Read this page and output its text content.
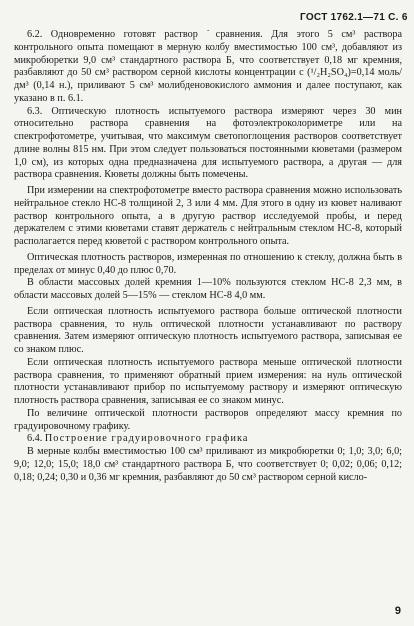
ГОСТ 1762.1—71 С. 6

6.2. Одновременно готовят раствор ˙сравнения. Для этого 5 см³ раствора контрольного опыта помещают в мерную колбу вместимостью 100 см³, добавляют из микробюретки 9,0 см³ стандартного раствора Б, что соответствует 0,18 мг кремния, разбавляют до 50 см³ раствором серной кислоты концентрации c (¹/₂H₂SO₄)=0,14 моль/дм³ (0,14 н.), приливают 5 см³ молибденовокислого аммония и далее поступают, как указано в п. 6.1.

6.3. Оптическую плотность испытуемого раствора измеряют через 30 мин относительно раствора сравнения на фотоэлектроколориметре или на спектрофотометре, учитывая, что максимум светопоглощения растворов соответствует длине волны 815 нм. При этом следует пользоваться постоянными кюветами (размером 1,0 см), из которых одна предназначена для испытуемого раствора, а другая — для раствора сравнения. Кюветы должны быть помечены.

При измерении на спектрофотометре вместо раствора сравнения можно использовать нейтральное стекло НС-8 толщиной 2, 3 или 4 мм. Для этого в одну из кювет наливают раствор контрольного опыта, а в другую раствор исследуемой пробы, и перед держателем с этими кюветами ставят держатель с нейтральным стеклом НС-8, который располагается перед кюветой с раствором контрольного опыта.

Оптическая плотность растворов, измеренная по отношению к стеклу, должна быть в пределах от минус 0,40 до плюс 0,70.

В области массовых долей кремния 1—10% пользуются стеклом НС-8 2,3 мм, в области массовых долей 5—15% — стеклом НС-8 4,0 мм.

Если оптическая плотность испытуемого раствора больше оптической плотности раствора сравнения, то нуль оптической плотности устанавливают по раствору сравнения. Затем измеряют оптическую плотность испытуемого раствора, записывая ее со знаком плюс.

Если оптическая плотность испытуемого раствора меньше оптической плотности раствора сравнения, то применяют обратный прием измерения: на нуль оптической плотности устанавливают прибор по испытуемому раствору и измеряют оптическую плотность раствора сравнения, записывая ее со знаком минус.

По величине оптической плотности растворов определяют массу кремния по градуировочному графику.

6.4. Построение градуировочного графика

В мерные колбы вместимостью 100 см³ приливают из микробюретки 0; 1,0; 3,0; 6,0; 9,0; 12,0; 15,0; 18,0 см³ стандартного раствора Б, что соответствует 0; 0,02; 0,06; 0,12; 0,18; 0,24; 0,30 и 0,36 мг кремния, разбавляют до 50 см³ раствором серной кисло-

9
